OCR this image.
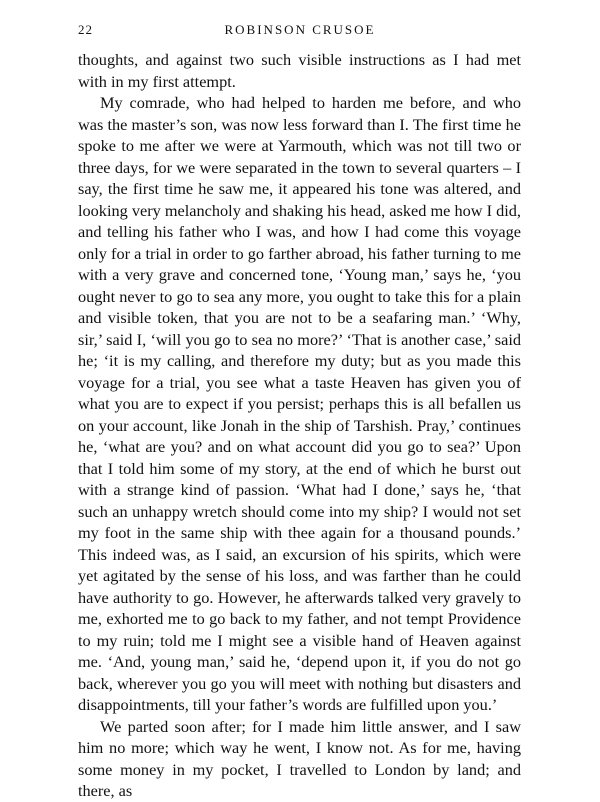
22	ROBINSON CRUSOE

thoughts, and against two such visible instructions as I had met with in my first attempt.

My comrade, who had helped to harden me before, and who was the master’s son, was now less forward than I. The first time he spoke to me after we were at Yarmouth, which was not till two or three days, for we were separated in the town to several quarters – I say, the first time he saw me, it appeared his tone was altered, and looking very melancholy and shaking his head, asked me how I did, and telling his father who I was, and how I had come this voyage only for a trial in order to go farther abroad, his father turning to me with a very grave and concerned tone, ‘Young man,’ says he, ‘you ought never to go to sea any more, you ought to take this for a plain and visible token, that you are not to be a seafaring man.’ ‘Why, sir,’ said I, ‘will you go to sea no more?’ ‘That is another case,’ said he; ‘it is my calling, and therefore my duty; but as you made this voyage for a trial, you see what a taste Heaven has given you of what you are to expect if you persist; perhaps this is all befallen us on your account, like Jonah in the ship of Tarshish. Pray,’ continues he, ‘what are you? and on what account did you go to sea?’ Upon that I told him some of my story, at the end of which he burst out with a strange kind of passion. ‘What had I done,’ says he, ‘that such an unhappy wretch should come into my ship? I would not set my foot in the same ship with thee again for a thousand pounds.’ This indeed was, as I said, an excursion of his spirits, which were yet agitated by the sense of his loss, and was farther than he could have authority to go. However, he afterwards talked very gravely to me, exhorted me to go back to my father, and not tempt Providence to my ruin; told me I might see a visible hand of Heaven against me. ‘And, young man,’ said he, ‘depend upon it, if you do not go back, wherever you go you will meet with nothing but disasters and disappointments, till your father’s words are fulfilled upon you.’

We parted soon after; for I made him little answer, and I saw him no more; which way he went, I know not. As for me, having some money in my pocket, I travelled to London by land; and there, as
